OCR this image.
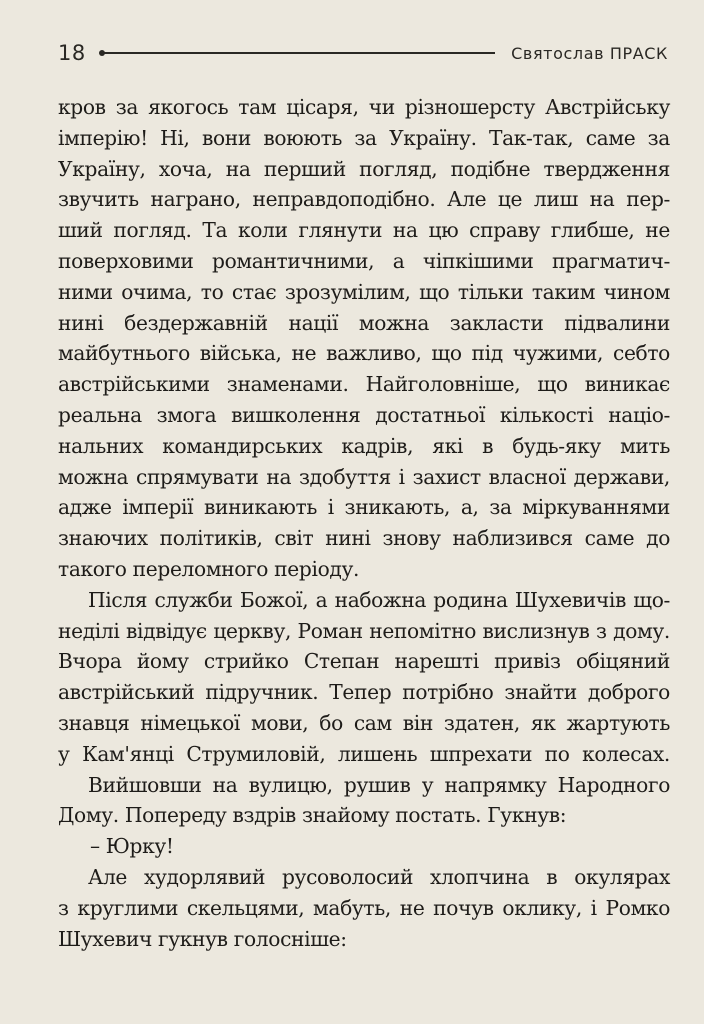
18	Святослав ПРАСК
кров за якогось там цісаря, чи різношерсту Австрійську
імперію! Ні, вони воюють за Україну. Так-так, саме за
Україну, хоча, на перший погляд, подібне твердження
звучить награно, неправдоподібно. Але це лиш на пер-
ший погляд. Та коли глянути на цю справу глибше, не
поверховими романтичними, а чіпкішими прагматич-
ними очима, то стає зрозумілим, що тільки таким чином
нині бездержавній нації можна закласти підвалини
майбутнього війська, не важливо, що під чужими, себто
австрійськими знаменами. Найголовніше, що виникає
реальна змога вишколення достатньої кількості націо-
нальних командирських кадрів, які в будь-яку мить
можна спрямувати на здобуття і захист власної держави,
адже імперії виникають і зникають, а, за міркуваннями
знаючих політиків, світ нині знову наблизився саме до
такого переломного періоду.
Після служби Божої, а набожна родина Шухевичів що-
неділі відвідує церкву, Роман непомітно вислизнув з дому.
Вчора йому стрийко Степан нарешті привіз обіцяний
австрійський підручник. Тепер потрібно знайти доброго
знавця німецької мови, бо сам він здатен, як жартують
у Кам'янці Струмиловій, лишень шпрехати по колесах.
Вийшовши на вулицю, рушив у напрямку Народного
Дому. Попереду вздрів знайому постать. Гукнув:
– Юрку!
Але худорлявий русоволосий хлопчина в окулярах
з круглими скельцями, мабуть, не почув оклику, і Ромко
Шухевич гукнув голосніше:
